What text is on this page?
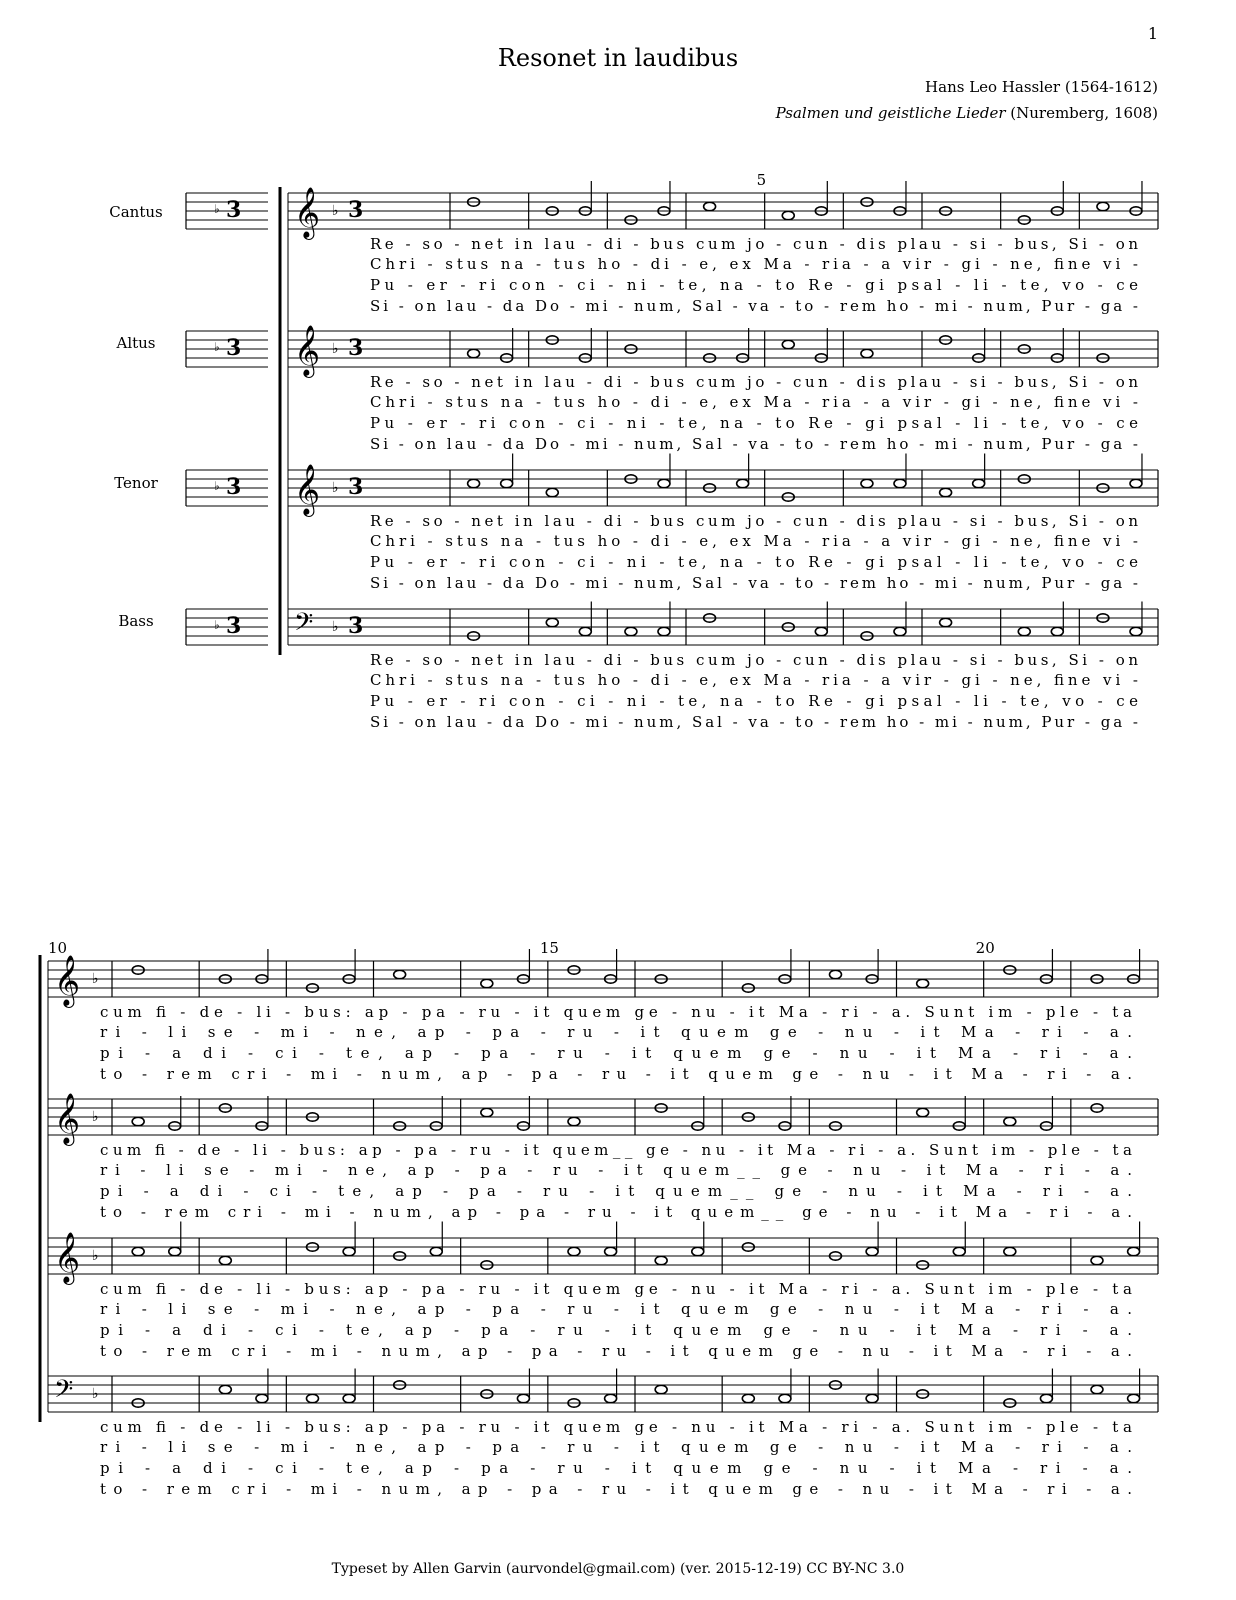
1
Resonet in laudibus
Hans Leo Hassler (1564-1612)
Psalmen und geistliche Lieder (Nuremberg, 1608)
Cantus	♭ 3
Altus	♭ 3
Tenor	♭ 3
Bass	♭ 3
𝄞 ♭ 3
Re - so - net in lau - di - bus cum jo - cun - dis plau - si - bus, Si - on
Chri - stus na - tus ho - di - e, ex Ma - ria - a vir - gi - ne, fine vi -
Pu - er - ri con - ci - ni - te, na - to Re - gi psal - li - te, vo - ce
Si - on lau - da Do - mi - num, Sal - va - to - rem ho - mi - num, Pur - ga -
𝄞 ♭ 3
Re - so - net in lau - di - bus cum jo - cun - dis plau - si - bus, Si - on
Chri - stus na - tus ho - di - e, ex Ma - ria - a vir - gi - ne, fine vi -
Pu - er - ri con - ci - ni - te, na - to Re - gi psal - li - te, vo - ce
Si - on lau - da Do - mi - num, Sal - va - to - rem ho - mi - num, Pur - ga -
𝄞 ♭ 3
Re - so - net in lau - di - bus cum jo - cun - dis plau - si - bus, Si - on
Chri - stus na - tus ho - di - e, ex Ma - ria - a vir - gi - ne, fine vi -
Pu - er - ri con - ci - ni - te, na - to Re - gi psal - li - te, vo - ce
Si - on lau - da Do - mi - num, Sal - va - to - rem ho - mi - num, Pur - ga -
𝄢 ♭ 3
Re - so - net in lau - di - bus cum jo - cun - dis plau - si - bus, Si - on
Chri - stus na - tus ho - di - e, ex Ma - ria - a vir - gi - ne, fine vi -
Pu - er - ri con - ci - ni - te, na - to Re - gi psal - li - te, vo - ce
Si - on lau - da Do - mi - num, Sal - va - to - rem ho - mi - num, Pur - ga -
𝄞 ♭
cum fi - de - li - bus: ap - pa - ru - it quem ge - nu - it Ma - ri - a. Sunt im - ple - ta
ri - li se - mi - ne, ap - pa - ru - it quem ge - nu - it Ma - ri - a.
pi - a di - ci - te, ap - pa - ru - it quem ge - nu - it Ma - ri - a.
to - rem cri - mi - num, ap - pa - ru - it quem ge - nu - it Ma - ri - a.
𝄞 ♭
cum fi - de - li - bus: ap - pa - ru - it quem__ ge - nu - it Ma - ri - a. Sunt im - ple - ta
ri - li se - mi - ne, ap - pa - ru - it quem__ ge - nu - it Ma - ri - a.
pi - a di - ci - te, ap - pa - ru - it quem__ ge - nu - it Ma - ri - a.
to - rem cri - mi - num, ap - pa - ru - it quem__ ge - nu - it Ma - ri - a.
𝄞 ♭
cum fi - de - li - bus: ap - pa - ru - it quem ge - nu - it Ma - ri - a. Sunt im - ple - ta
ri - li se - mi - ne, ap - pa - ru - it quem ge - nu - it Ma - ri - a.
pi - a di - ci - te, ap - pa - ru - it quem ge - nu - it Ma - ri - a.
to - rem cri - mi - num, ap - pa - ru - it quem ge - nu - it Ma - ri - a.
𝄢 ♭
cum fi - de - li - bus: ap - pa - ru - it quem ge - nu - it Ma - ri - a. Sunt im - ple - ta
ri - li se - mi - ne, ap - pa - ru - it quem ge - nu - it Ma - ri - a.
pi - a di - ci - te, ap - pa - ru - it quem ge - nu - it Ma - ri - a.
to - rem cri - mi - num, ap - pa - ru - it quem ge - nu - it Ma - ri - a.
5
10	15	20
Typeset by Allen Garvin (aurvondel@gmail.com) (ver. 2015-12-19) CC BY-NC 3.0
